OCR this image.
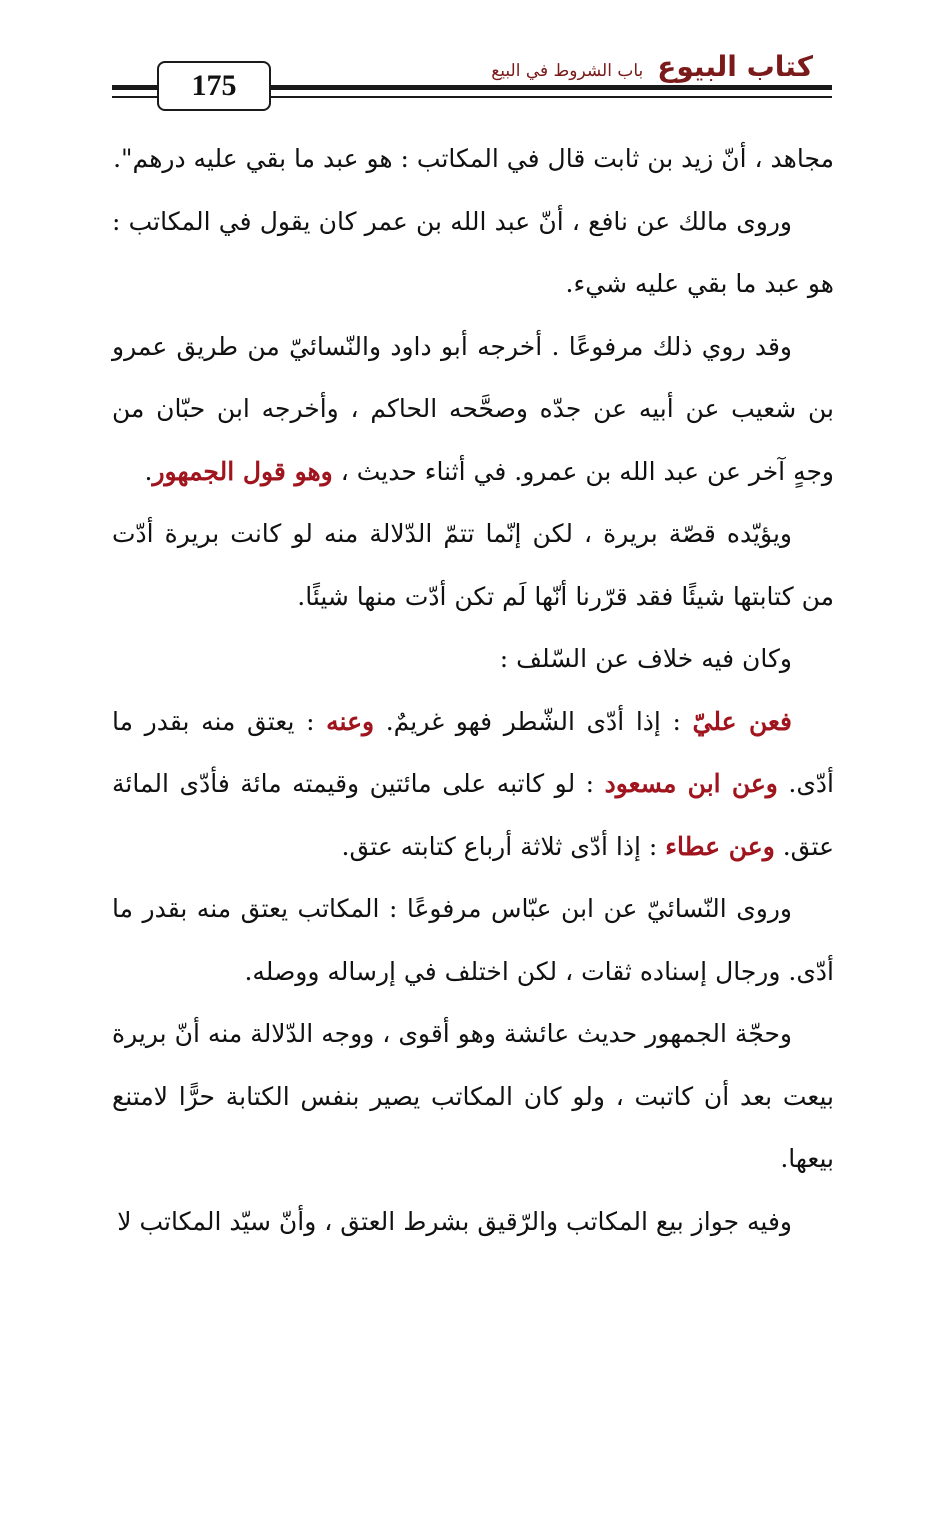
175
كتاب البيوع
باب الشروط في البيع

مجاهد ، أنّ زيد بن ثابت قال في المكاتب : هو عبد ما بقي عليه درهم".

وروى مالك عن نافع ، أنّ عبد الله بن عمر كان يقول في المكاتب : هو عبد ما بقي عليه شيء.

وقد روي ذلك مرفوعًا . أخرجه أبو داود والنّسائيّ من طريق عمرو بن شعيب عن أبيه عن جدّه وصحَّحه الحاكم ، وأخرجه ابن حبّان من وجهٍ آخر عن عبد الله بن عمرو. في أثناء حديث ، وهو قول الجمهور.

ويؤيّده قصّة بريرة ، لكن إنّما تتمّ الدّلالة منه لو كانت بريرة أدّت من كتابتها شيئًا فقد قرّرنا أنّها لَم تكن أدّت منها شيئًا.

وكان فيه خلاف عن السّلف :

فعن عليّ : إذا أدّى الشّطر فهو غريمٌ. وعنه : يعتق منه بقدر ما أدّى. وعن ابن مسعود : لو كاتبه على مائتين وقيمته مائة فأدّى المائة عتق. وعن عطاء : إذا أدّى ثلاثة أرباع كتابته عتق.

وروى النّسائيّ عن ابن عبّاس مرفوعًا : المكاتب يعتق منه بقدر ما أدّى. ورجال إسناده ثقات ، لكن اختلف في إرساله ووصله.

وحجّة الجمهور حديث عائشة وهو أقوى ، ووجه الدّلالة منه أنّ بريرة بيعت بعد أن كاتبت ، ولو كان المكاتب يصير بنفس الكتابة حرًّا لامتنع بيعها.

وفيه جواز بيع المكاتب والرّقيق بشرط العتق ، وأنّ سيّد المكاتب لا
